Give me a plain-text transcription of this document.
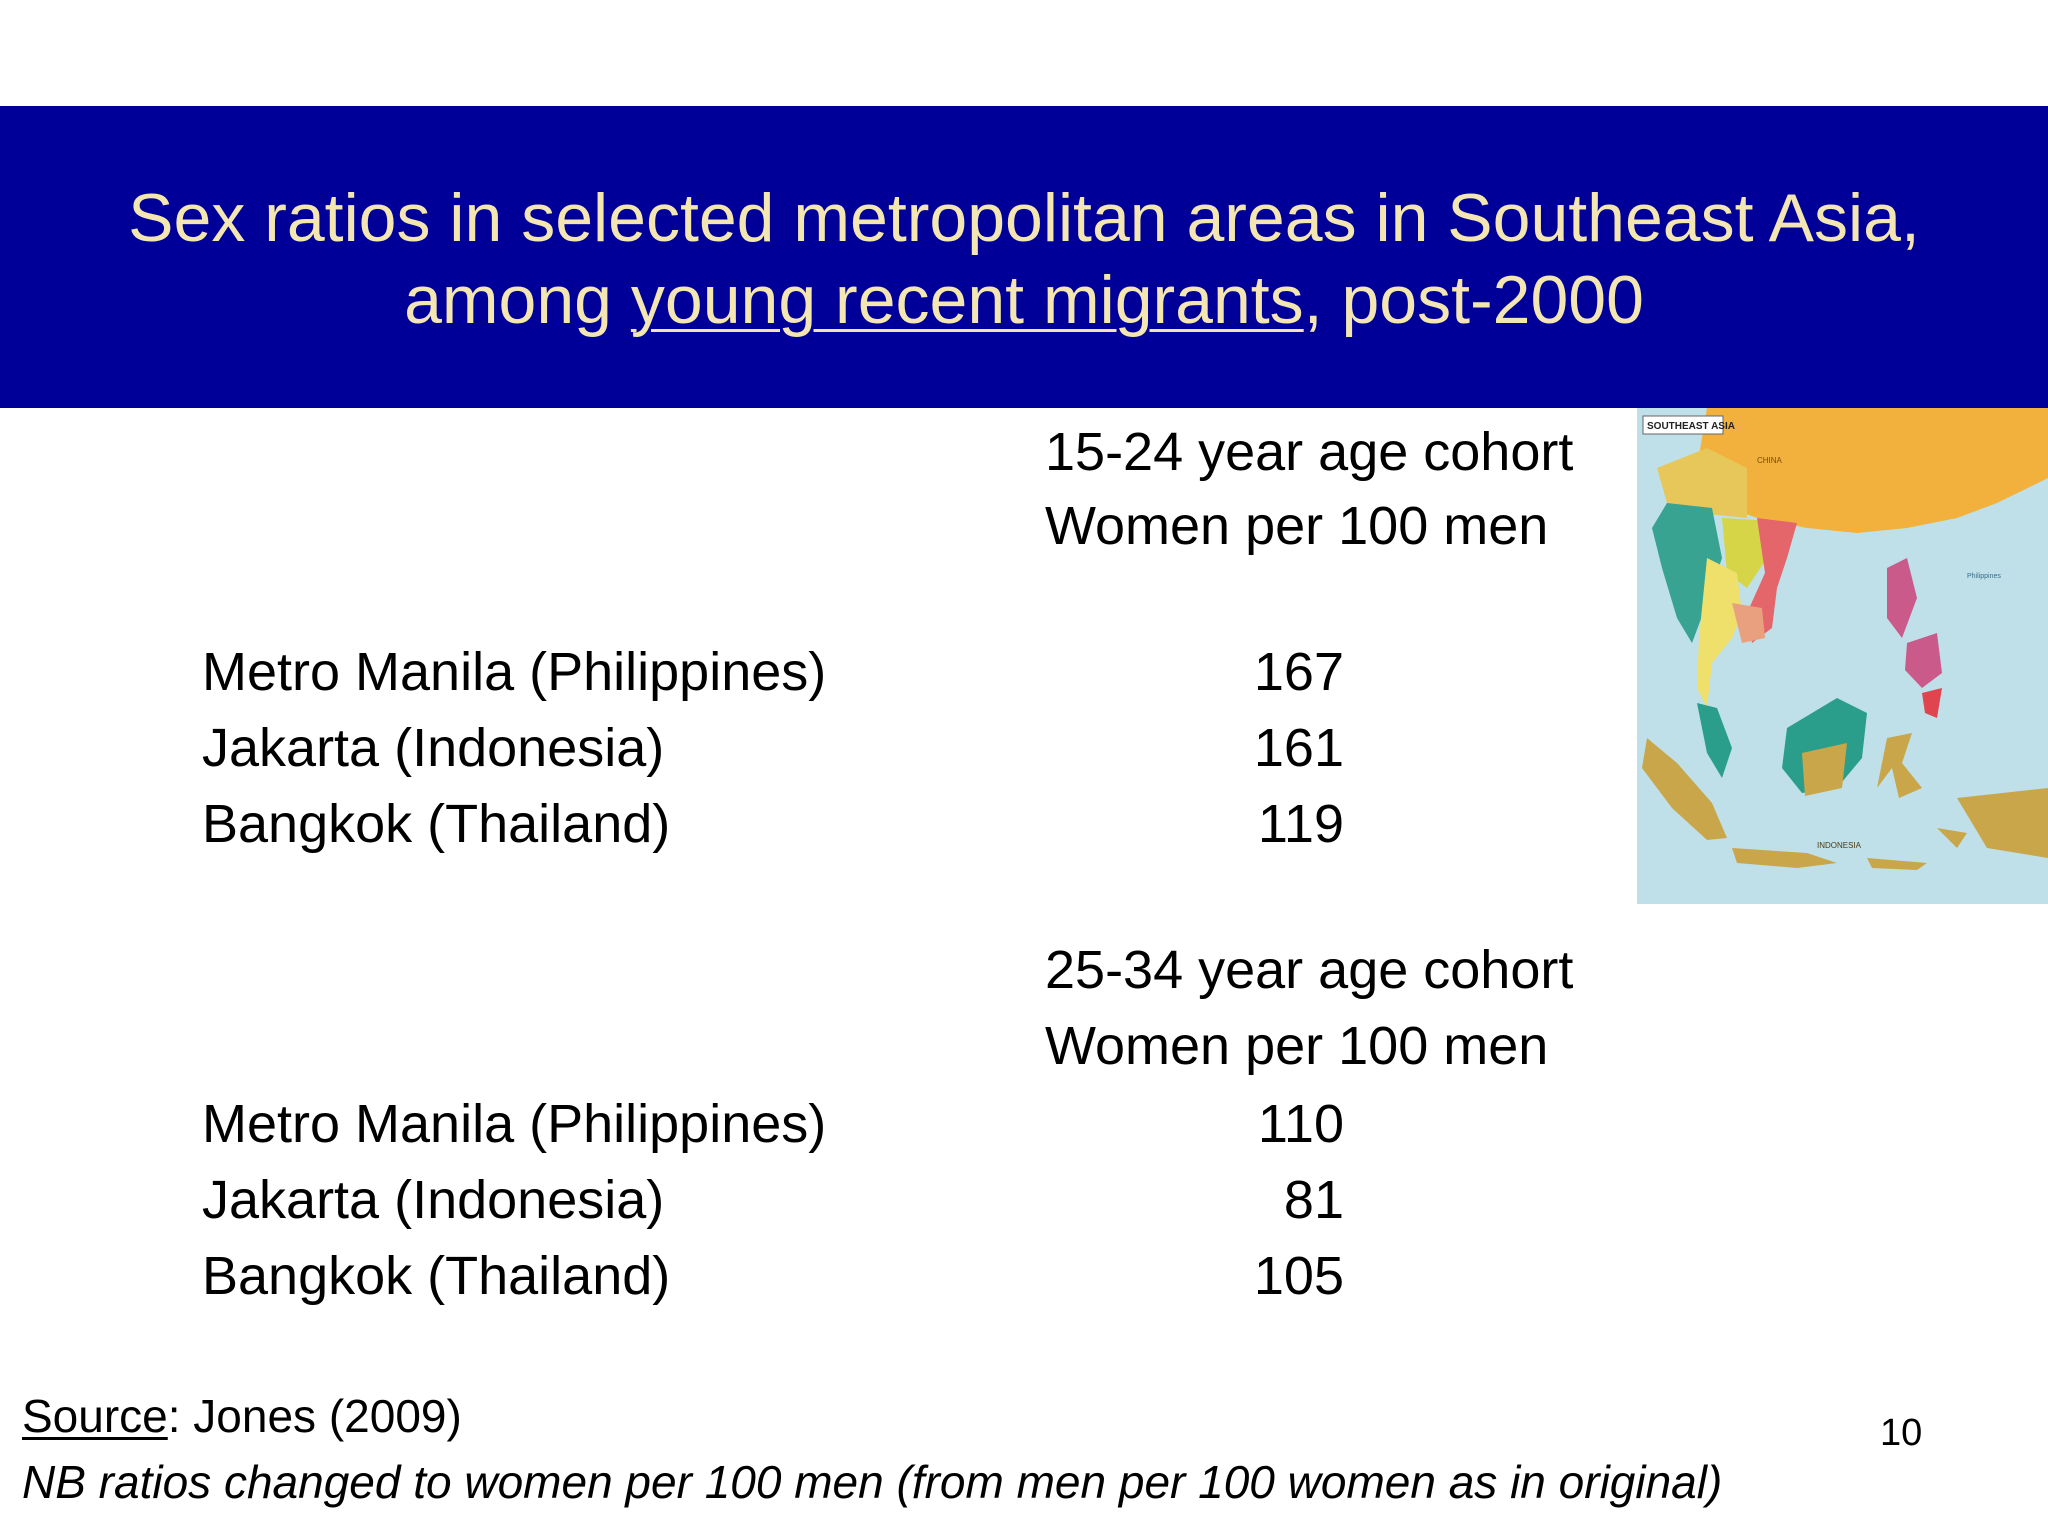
Sex ratios in selected metropolitan areas in Southeast Asia,
among young recent migrants, post-2000
15-24 year age cohort
Women per 100 men
Metro Manila (Philippines)	167
Jakarta (Indonesia)	161
Bangkok (Thailand)	119
25-34 year age cohort
Women per 100 men
Metro Manila (Philippines)	110
Jakarta (Indonesia)	81
Bangkok (Thailand)	105
SOUTHEAST ASIA
CHINA
Philippines
INDONESIA
Source: Jones (2009)
NB ratios changed to women per 100 men (from men per 100 women as in original)
10
